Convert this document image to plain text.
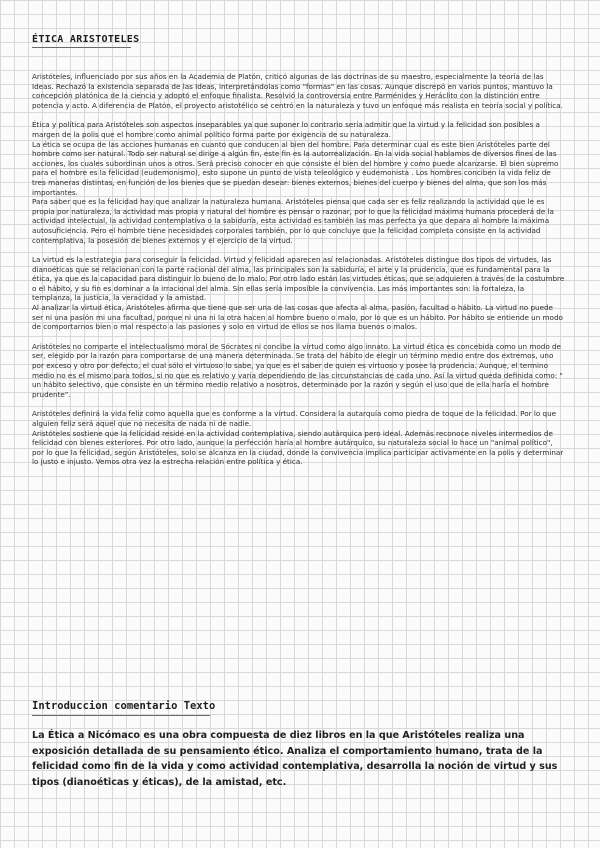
ÉTICA ARISTOTELES

Aristóteles, influenciado por sus años en la Academia de Platón, criticó algunas de las doctrinas de su maestro, especialmente la teoría de las Ideas. Rechazó la existencia separada de las Ideas, interpretándolas como "formas" en las cosas. Aunque discrepó en varios puntos, mantuvo la concepción platónica de la ciencia y adoptó el enfoque finalista. Resolvió la controversia entre Parménides y Heráclito con la distinción entre potencia y acto. A diferencia de Platón, el proyecto aristotélico se centró en la naturaleza y tuvo un enfoque más realista en teoría social y política.

Ética y política para Aristóteles son aspectos inseparables ya que suponer lo contrario sería admitir que la virtud y la felicidad son posibles a margen de la polis que el hombre como animal político forma parte por exigencia de su naturaleza.

La ética se ocupa de las acciones humanas en cuanto que conducen al bien del hombre. Para determinar cual es este bien Aristóteles parte del hombre como ser natural. Todo ser natural se dirige a algún fin, este fin es la autorrealización. En la vida social hablamos de diversos fines de las acciones, los cuales subordinan unos a otros. Será preciso conocer en que consiste el bien del hombre y como puede alcanzarse. El bien supremo para el hombre es la felicidad (eudemonismo), esto supone un punto de vista teleológico y eudemonista . Los hombres conciben la vida feliz de tres maneras distintas, en función de los bienes que se puedan desear: bienes externos, bienes del cuerpo y bienes del alma, que son los más importantes.

Para saber que es la felicidad hay que analizar la naturaleza humana. Aristóteles piensa que cada ser es feliz realizando la actividad que le es propia por naturaleza, la actividad mas propia y natural del hombre es pensar o razonar, por lo que la felicidad máxima humana procederá de la actividad intelectual, la actividad contemplativa o la sabiduría, esta actividad es también las mas perfecta ya que depara al hombre la máxima autosuficiencia. Pero el hombre tiene necesidades corporales también, por lo que concluye que la felicidad completa consiste en la actividad contemplativa, la posesión de bienes externos y el ejercicio de la virtud.

La virtud es la estrategia para conseguir la felicidad. Virtud y felicidad aparecen así relacionadas. Aristóteles distingue dos tipos de virtudes, las dianoéticas que se relacionan con la parte racional del alma, las principales son la sabiduría, el arte y la prudencia, que es fundamental para la ética, ya que es la capacidad para distinguir lo bueno de lo malo. Por otro lado están las virtudes éticas, que se adquieren a través de la costumbre o el hábito, y su fin es dominar a la irracional del alma. Sin ellas sería imposible la convivencia. Las más importantes son: la fortaleza, la templanza, la justicia, la veracidad y la amistad.

Al analizar la virtud ética, Aristóteles afirma que tiene que ser una de las cosas que afecta al alma, pasión, facultad o hábito. La virtud no puede ser ni una pasión mi una facultad, porque ni una ni la otra hacen al hombre bueno o malo, por lo que es un hábito. Por hábito se entiende un modo de comportarnos bien o mal respecto a las pasiones y solo en virtud de ellos se nos llama buenos o malos.

Aristóteles no comparte el intelectualismo moral de Sócrates ni concibe la virtud como algo innato. La virtud ética es concebida como un modo de ser, elegido por la razón para comportarse de una manera determinada. Se trata del hábito de elegir un término medio entre dos extremos, uno por exceso y otro por defecto, el cual sólo el virtuoso lo sabe, ya que es el saber de quien es virtuoso y posee la prudencia. Aunque, el termino medio no es el mismo para todos, si no que es relativo y varia dependiendo de las circunstancias de cada uno. Así la virtud queda definida como: " un hábito selectivo, que consiste en un término medio relativo a nosotros, determinado por la razón y según el uso que de ella haría el hombre prudente".

Aristóteles definirá la vida feliz como aquella que es conforme a la virtud. Considera la autarquía como piedra de toque de la felicidad. Por lo que alguien feliz será aquel que no necesita de nada ni de nadie.

Aristóteles sostiene que la felicidad reside en la actividad contemplativa, siendo autárquica pero ideal. Además reconoce niveles intermedios de felicidad con bienes exteriores. Por otro lado, aunque la perfección haría al hombre autárquico, su naturaleza social lo hace un "animal político", por lo que la felicidad, según Aristóteles, solo se alcanza en la ciudad, donde la convivencia implica participar activamente en la polis y determinar lo justo e injusto. Vemos otra vez la estrecha relación entre política y ética.

Introduccion comentario Texto
La Ética a Nicómaco es una obra compuesta de diez libros en la que Aristóteles realiza una exposición detallada de su pensamiento ético. Analiza el comportamiento humano, trata de la felicidad como fin de la vida y como actividad contemplativa, desarrolla la noción de virtud y sus tipos (dianoéticas y éticas), de la amistad, etc.
